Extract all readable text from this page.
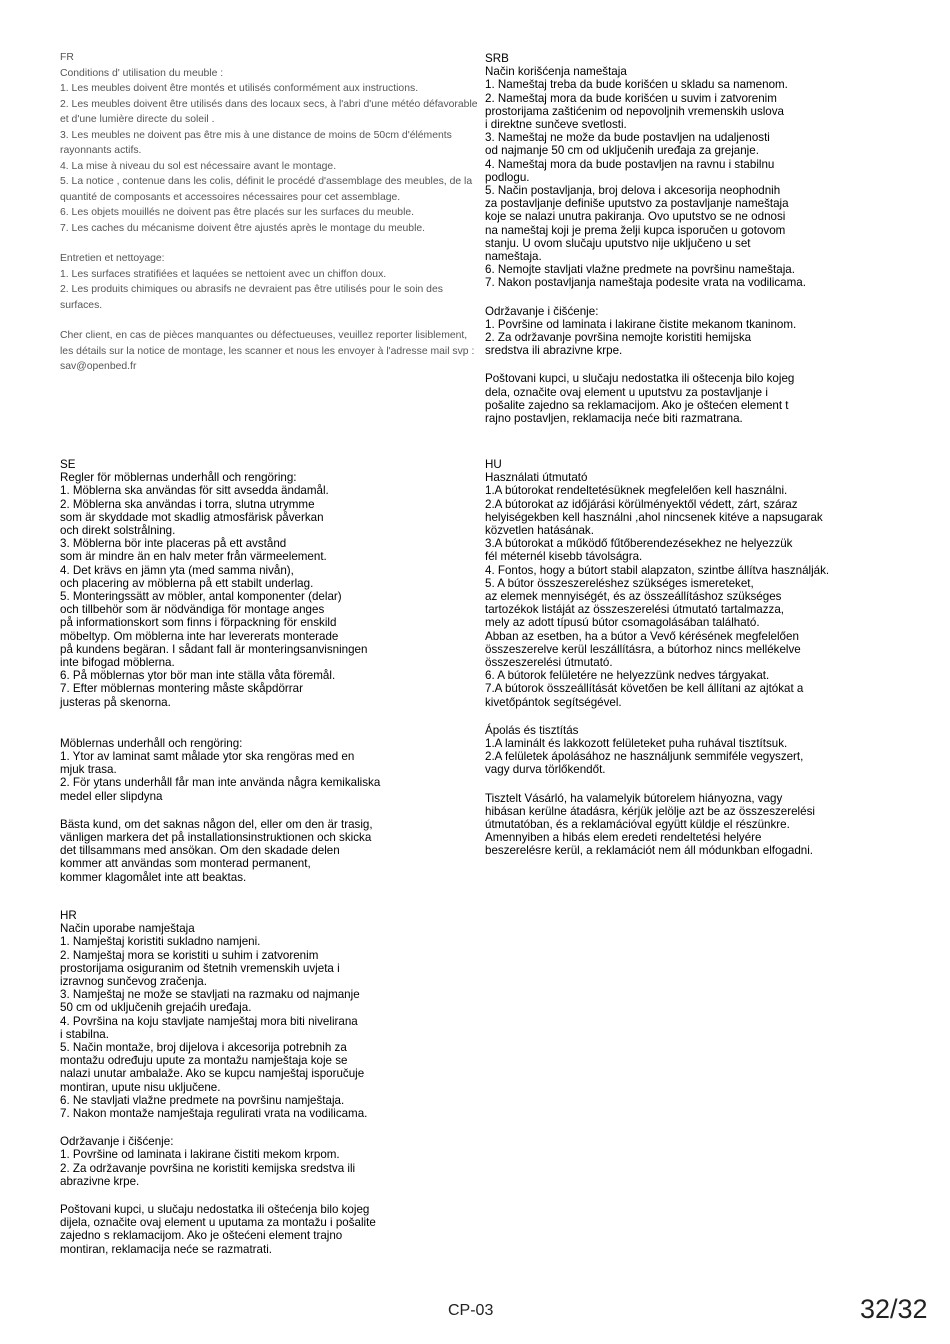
FR
Conditions d' utilisation du meuble :
1. Les meubles doivent être montés et utilisés conformément aux instructions.
2. Les meubles doivent être utilisés dans des locaux secs, à l'abri d'une météo défavorable et d'une lumière directe du soleil .
3. Les meubles ne doivent pas être mis à une distance de moins de 50cm d'éléments rayonnants actifs.
4. La mise à niveau du sol est nécessaire avant le montage.
5. La notice , contenue dans les colis, définit le procédé d'assemblage des meubles, de la quantité de composants et accessoires nécessaires pour cet assemblage.
6. Les objets mouillés ne doivent pas être placés sur les surfaces du meuble.
7. Les caches du mécanisme doivent être ajustés après le montage du meuble.
Entretien et nettoyage:
1. Les surfaces stratifiées et laquées se nettoient avec un chiffon doux.
2. Les produits chimiques ou abrasifs ne devraient pas être utilisés pour le soin des surfaces.
Cher client, en cas de pièces manquantes ou défectueuses, veuillez reporter lisiblement, les détails sur la notice de montage, les scanner et nous les envoyer à l'adresse mail svp : sav@openbed.fr
SRB
Način korišćenja nameštaja
1. Nameštaj treba da bude korišćen u skladu sa namenom.
2. Nameštaj mora da bude korišćen u suvim i zatvorenim
prostorijama zaštićenim od nepovoljnih vremenskih uslova
i direktne sunčeve svetlosti.
3. Nameštaj ne može da bude postavljen na udaljenosti
od najmanje 50 cm od uključenih uređaja za grejanje.
4. Nameštaj mora da bude postavljen na ravnu i stabilnu
podlogu.
5. Način postavljanja, broj delova i akcesorija neophodnih
za postavljanje definiše uputstvo za postavljanje nameštaja
koje se nalazi unutra pakiranja. Ovo uputstvo se ne odnosi
na nameštaj koji je prema želji kupca isporučen u gotovom
stanju. U ovom slučaju uputstvo nije uključeno u set
nameštaja.
6. Nemojte stavljati vlažne predmete na površinu nameštaja.
7. Nakon postavljanja nameštaja podesite vrata na vodilicama.
Održavanje i čišćenje:
1. Površine od laminata i lakirane čistite mekanom tkaninom.
2. Za održavanje površina nemojte koristiti hemijska
sredstva ili abrazivne krpe.
Poštovani kupci, u slučaju nedostatka ili oštecenja bilo kojeg
dela, označite ovaj element u uputstvu za postavljanje i
pošalite zajedno sa reklamacijom. Ako je oštećen element t
rajno postavljen, reklamacija neće biti razmatrana.
SE
Regler för möblernas underhåll och rengöring:
1. Möblerna ska användas för sitt avsedda ändamål.
2. Möblerna ska användas i torra, slutna utrymme
som är skyddade mot skadlig atmosfärisk påverkan
och direkt solstrålning.
3. Möblerna bör inte placeras på ett avstånd
som är mindre än en halv meter från värmeelement.
4. Det krävs en jämn yta (med samma nivån),
och placering av möblerna på ett stabilt underlag.
5. Monteringssätt av möbler, antal komponenter (delar)
och tillbehör som är nödvändiga för montage anges
på informationskort som finns i förpackning för enskild
möbeltyp. Om möblerna inte har levererats monterade
på kundens begäran. I sådant fall är monteringsanvisningen
inte bifogad möblerna.
6. På möblernas ytor bör man inte ställa våta föremål.
7. Efter möblernas montering måste skåpdörrar
justeras på skenorna.
Möblernas underhåll och rengöring:
1. Ytor av laminat samt målade ytor ska rengöras med en
mjuk trasa.
2. För ytans underhåll får man inte använda några kemikaliska
medel eller slipdyna
Bästa kund, om det saknas någon del, eller om den är trasig,
vänligen markera det på installationsinstruktionen och skicka
det tillsammans med ansökan. Om den skadade delen
kommer att användas som monterad permanent,
kommer klagomålet inte att beaktas.
HU
Használati útmutató
1.A bútorokat rendeltetésüknek megfelelően kell használni.
2.A bútorokat az időjárási körülményektől védett, zárt, száraz
helyiségekben kell használni ,ahol nincsenek kitéve a napsugarak
közvetlen hatásának.
3.A bútorokat a működő fűtőberendezésekhez ne helyezzük
fél méternél kisebb távolságra.
4. Fontos, hogy a bútort stabil alapzaton, szintbe állítva használják.
5. A bútor összeszereléshez szükséges ismereteket,
az elemek mennyiségét, és az összeállításhoz szükséges
tartozékok listáját az összeszerelési útmutató tartalmazza,
mely az adott típusú bútor csomagolásában található.
Abban az esetben, ha a bútor a Vevő kérésének megfelelően
összeszerelve kerül leszállításra, a bútorhoz nincs mellékelve
összeszerelési útmutató.
6. A bútorok felületére ne helyezzünk nedves tárgyakat.
7.A bútorok összeállítását követően be kell állítani az ajtókat a
kivetőpántok segítségével.
Ápolás és tisztítás
1.A laminált és lakkozott felületeket puha ruhával tisztítsuk.
2.A felületek ápolásához ne használjunk semmiféle vegyszert,
vagy durva törlőkendőt.
Tisztelt Vásárló, ha valamelyik bútorelem hiányozna, vagy
hibásan kerülne átadásra, kérjük jelölje azt be az összeszerelési
útmutatóban, és a reklamációval együtt küldje el részünkre.
Amennyiben a hibás elem eredeti rendeltetési helyére
beszerelésre kerül, a reklamációt nem áll módunkban elfogadni.
HR
Način uporabe namještaja
1. Namještaj koristiti sukladno namjeni.
2. Namještaj mora se koristiti u suhim i zatvorenim
prostorijama osiguranim od štetnih vremenskih uvjeta i
izravnog sunčevog zračenja.
3. Namještaj ne može se stavljati na razmaku od najmanje
50 cm od uključenih grejaćih uređaja.
4. Površina na koju stavljate namještaj mora biti nivelirana
i stabilna.
5. Način montaže, broj dijelova i akcesorija potrebnih za
montažu određuju upute za montažu namještaja koje se
nalazi unutar ambalaže. Ako se kupcu namještaj isporučuje
montiran, upute nisu uključene.
6. Ne stavljati vlažne predmete na površinu namještaja.
7. Nakon montaže namještaja regulirati vrata na vodilicama.
Održavanje i čišćenje:
1. Površine od laminata i lakirane čistiti mekom krpom.
2. Za održavanje površina ne koristiti kemijska sredstva ili
abrazivne krpe.
Poštovani kupci, u slučaju nedostatka ili oštećenja bilo kojeg
dijela, označite ovaj element u uputama za montažu i pošalite
zajedno s reklamacijom. Ako je oštećeni element trajno
montiran, reklamacija neće se razmatrati.
CP-03	32/32
